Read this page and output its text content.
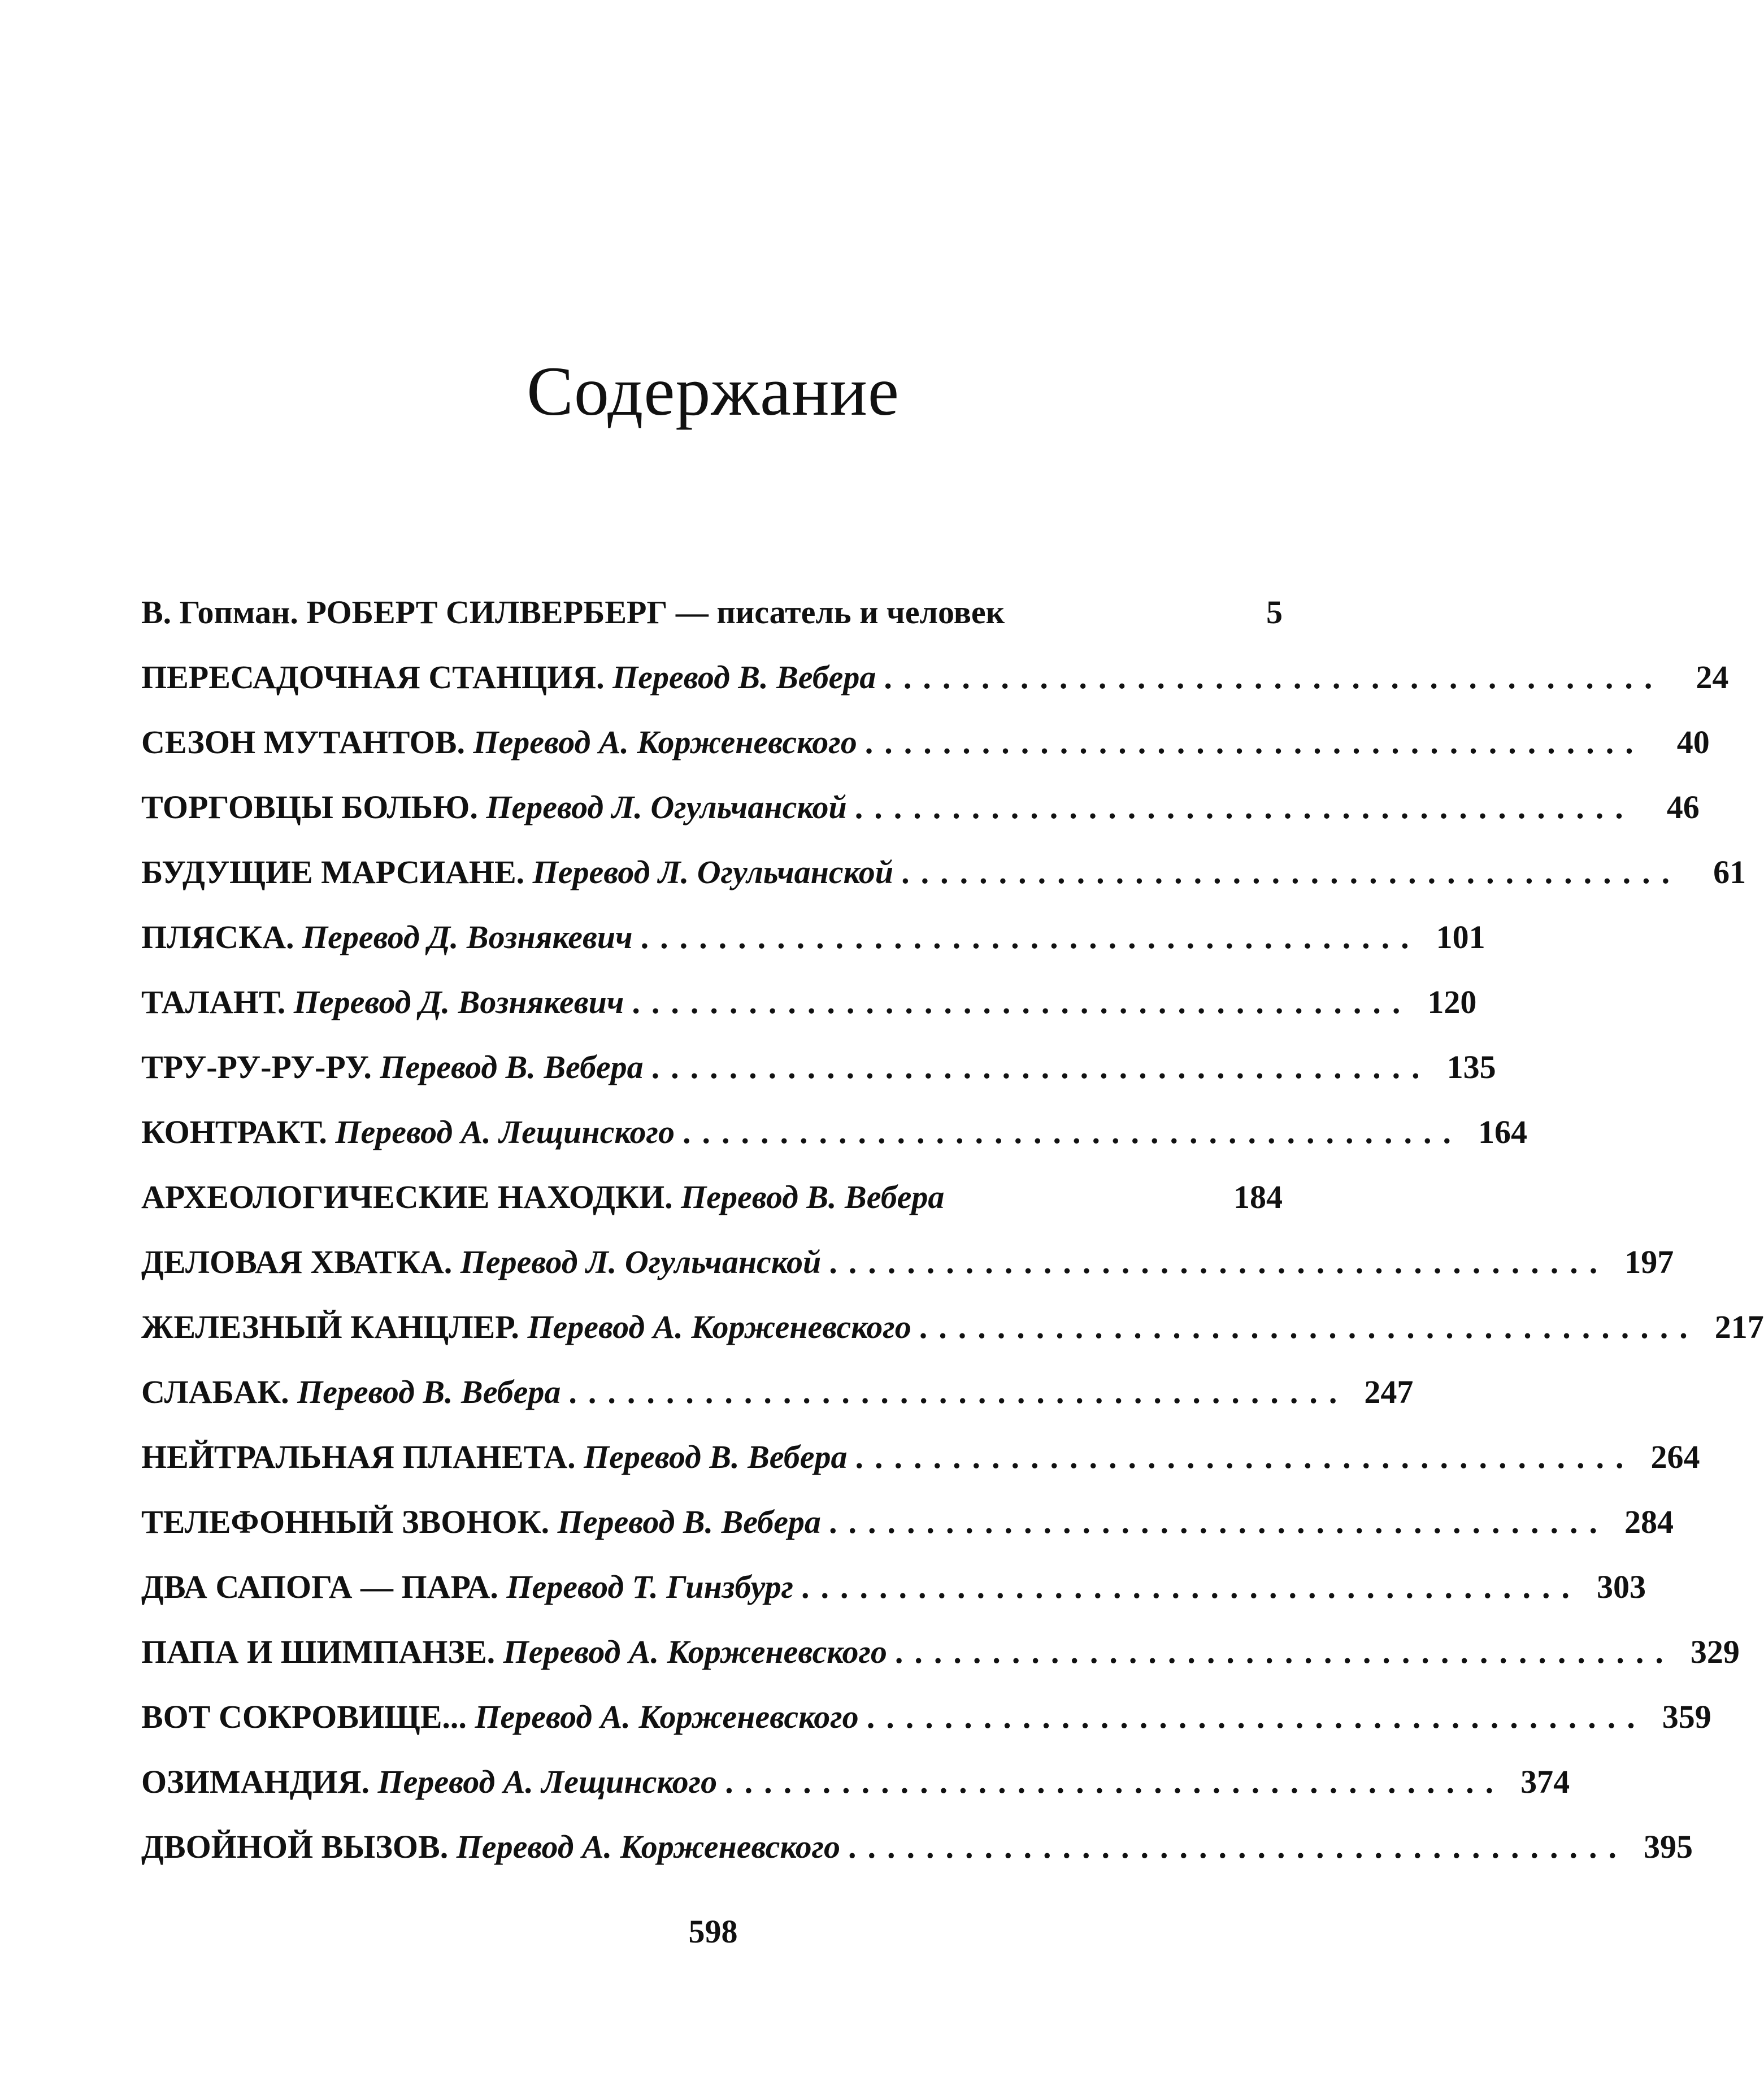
Содержание
В. Гопман. РОБЕРТ СИЛВЕРБЕРГ — писатель и человек	5
ПЕРЕСАДОЧНАЯ СТАНЦИЯ. Перевод В. Вебера ........................................ 24
СЕЗОН МУТАНТОВ. Перевод А. Корженевского ........................................ 40
ТОРГОВЦЫ БОЛЬЮ. Перевод Л. Огульчанской ........................................ 46
БУДУЩИЕ МАРСИАНЕ. Перевод Л. Огульчанской ........................................ 61
ПЛЯСКА. Перевод Д. Вознякевич ........................................ 101
ТАЛАНТ. Перевод Д. Вознякевич ........................................ 120
ТРУ-РУ-РУ-РУ. Перевод В. Вебера ........................................ 135
КОНТРАКТ. Перевод А. Лещинского ........................................ 164
АРХЕОЛОГИЧЕСКИЕ НАХОДКИ. Перевод В. Вебера	184
ДЕЛОВАЯ ХВАТКА. Перевод Л. Огульчанской ........................................ 197
ЖЕЛЕЗНЫЙ КАНЦЛЕР. Перевод А. Корженевского ........................................ 217
СЛАБАК. Перевод В. Вебера ........................................ 247
НЕЙТРАЛЬНАЯ ПЛАНЕТА. Перевод В. Вебера ........................................ 264
ТЕЛЕФОННЫЙ ЗВОНОК. Перевод В. Вебера ........................................ 284
ДВА САПОГА — ПАРА. Перевод Т. Гинзбург ........................................ 303
ПАПА И ШИМПАНЗЕ. Перевод А. Корженевского ........................................ 329
ВОТ СОКРОВИЩЕ... Перевод А. Корженевского ........................................ 359
ОЗИМАНДИЯ. Перевод А. Лещинского ........................................ 374
ДВОЙНОЙ ВЫЗОВ. Перевод А. Корженевского ........................................ 395
598
